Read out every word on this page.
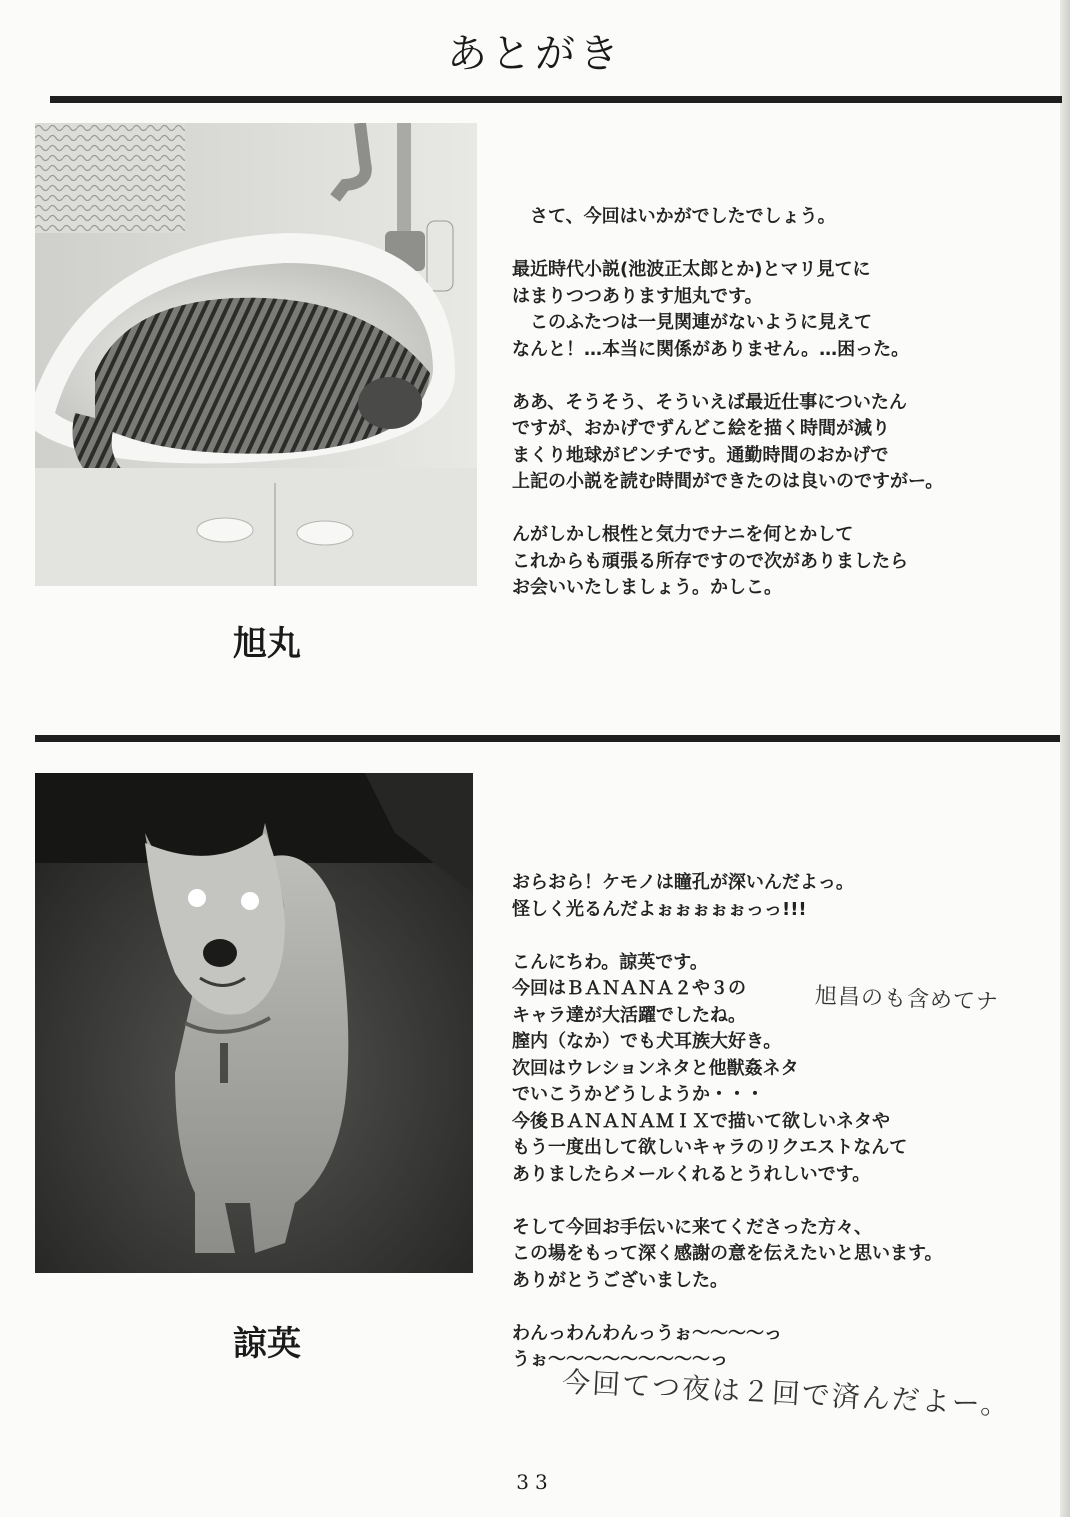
あとがき
旭丸
　さて、今回はいかがでしたでしょう。
最近時代小説(池波正太郎とか)とマリ見てに
はまりつつあります旭丸です。
　このふたつは一見関連がないように見えて
なんと！…本当に関係がありません。…困った。
ああ、そうそう、そういえば最近仕事についたん
ですが、おかげでずんどこ絵を描く時間が減り
まくり地球がピンチです。通勤時間のおかげで
上記の小説を読む時間ができたのは良いのですがー。
んがしかし根性と気力でナニを何とかして
これからも頑張る所存ですので次がありましたら
お会いいたしましょう。かしこ。
諒英
おらおら！ケモノは瞳孔が深いんだよっ。
怪しく光るんだよぉぉぉぉぉっっ!!!
こんにちわ。諒英です。
今回はＢＡＮＡＮＡ２や３の
キャラ達が大活躍でしたね。
膣内（なか）でも犬耳族大好き。
次回はウレションネタと他獣姦ネタ
でいこうかどうしようか・・・
今後ＢＡＮＡＮＡＭＩＸで描いて欲しいネタや
もう一度出して欲しいキャラのリクエストなんて
ありましたらメールくれるとうれしいです。
そして今回お手伝いに来てくださった方々、
この場をもって深く感謝の意を伝えたいと思います。
ありがとうございました。
わんっわんわんっうぉ～～～～っ
うぉ～～～～～～～～～っ
旭昌のも含めてナ
今回てつ夜は２回で済んだよー。
33
